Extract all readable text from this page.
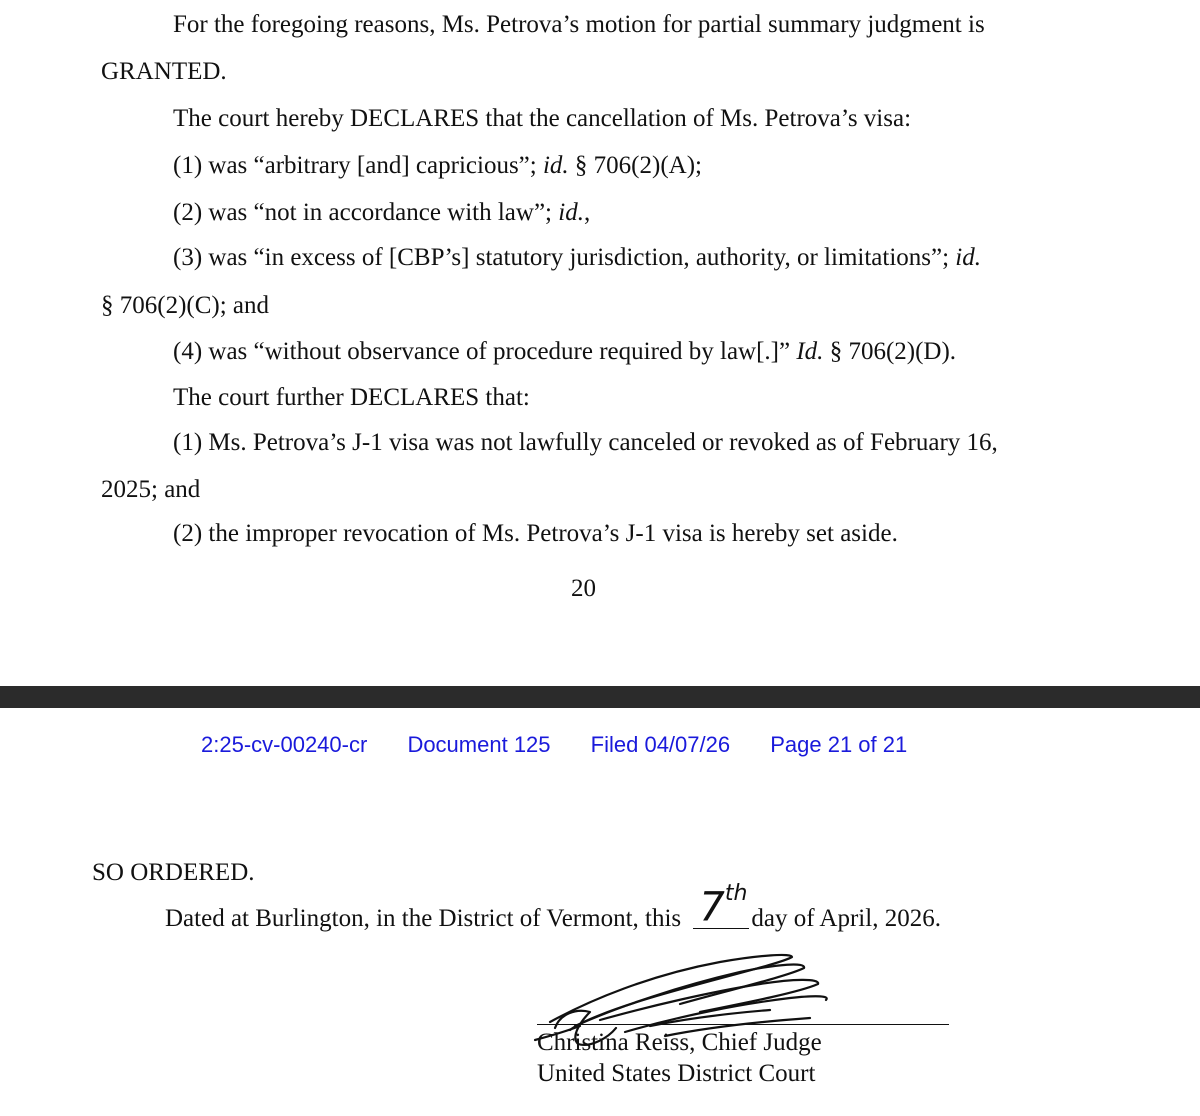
For the foregoing reasons, Ms. Petrova’s motion for partial summary judgment is

GRANTED.

The court hereby DECLARES that the cancellation of Ms. Petrova’s visa:

(1) was “arbitrary [and] capricious”; id. § 706(2)(A);

(2) was “not in accordance with law”; id.,

(3) was “in excess of [CBP’s] statutory jurisdiction, authority, or limitations”; id.

§ 706(2)(C); and

(4) was “without observance of procedure required by law[.]” Id. § 706(2)(D).

The court further DECLARES that:

(1) Ms. Petrova’s J-1 visa was not lawfully canceled or revoked as of February 16,

2025; and

(2) the improper revocation of Ms. Petrova’s J-1 visa is hereby set aside.

20
2:25-cv-00240-cr Document 125 Filed 04/07/26 Page 21 of 21

SO ORDERED.

Dated at Burlington, in the District of Vermont, this 7th
day of April, 2026.

Christina Reiss, Chief Judge

United States District Court
